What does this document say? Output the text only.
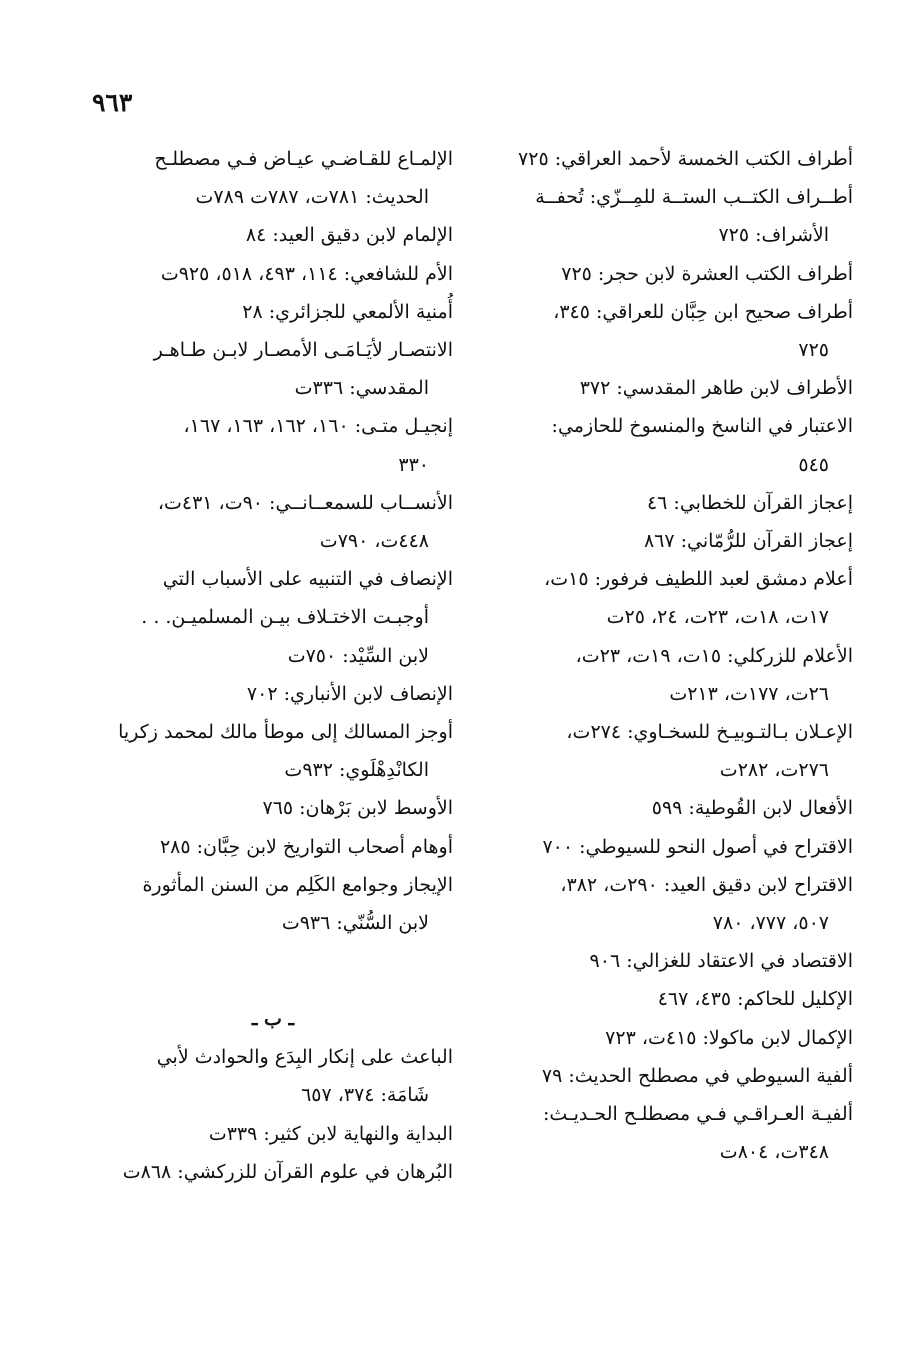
٩٦٣
أطراف الكتب الخمسة لأحمد العراقي: ٧٢٥
أطــراف الكتــب الستــة للمِــزّي: تُحفــة
الأشراف: ٧٢٥
أطراف الكتب العشرة لابن حجر: ٧٢٥
أطراف صحيح ابن حِبَّان للعراقي: ٣٤٥،
٧٢٥
الأطراف لابن طاهر المقدسي: ٣٧٢
الاعتبار في الناسخ والمنسوخ للحازمي:
٥٤٥
إعجاز القرآن للخطابي: ٤٦
إعجاز القرآن للرُّمّاني: ٨٦٧
أعلام دمشق لعبد اللطيف فرفور: ١٥ت،
١٧ت، ١٨ت، ٢٣ت، ٢٤، ٢٥ت
الأعلام للزركلي: ١٥ت، ١٩ت، ٢٣ت،
٢٦ت، ١٧٧ت، ٢١٣ت
الإعـلان بـالتـوبيـخ للسخـاوي: ٢٧٤ت،
٢٧٦ت، ٢٨٢ت
الأفعال لابن القُوطية: ٥٩٩
الاقتراح في أصول النحو للسيوطي: ٧٠٠
الاقتراح لابن دقيق العيد: ٢٩٠ت، ٣٨٢،
٥٠٧، ٧٧٧، ٧٨٠
الاقتصاد في الاعتقاد للغزالي: ٩٠٦
الإكليل للحاكم: ٤٣٥، ٤٦٧
الإكمال لابن ماكولا: ٤١٥ت، ٧٢٣
ألفية السيوطي في مصطلح الحديث: ٧٩
ألفيـة العـراقـي فـي مصطلـح الحـديـث:
٣٤٨ت، ٨٠٤ت
الإلمـاع للقـاضـي عيـاض فـي مصطلـح
الحديث: ٧٨١ت، ٧٨٧ت ٧٨٩ت
الإلمام لابن دقيق العيد: ٨٤
الأم للشافعي: ١١٤، ٤٩٣، ٥١٨، ٩٢٥ت
أُمنية الألمعي للجزائري: ٢٨
الانتصـار لأيَـامَـى الأمصـار لابـن طـاهـر
المقدسي: ٣٣٦ت
إنجيـل متـى: ١٦٠، ١٦٢، ١٦٣، ١٦٧،
٣٣٠
الأنســاب للسمعــانــي: ٩٠ت، ٤٣١ت،
٤٤٨ت، ٧٩٠ت
الإنصاف في التنبيه على الأسباب التي
أوجبـت الاختـلاف بيـن المسلميـن. . .
لابن السِّيْد: ٧٥٠ت
الإنصاف لابن الأنباري: ٧٠٢
أوجز المسالك إلى موطأ مالك لمحمد زكريا
الكانْدِهْلَوي: ٩٣٢ت
الأوسط لابن بَرْهان: ٧٦٥
أوهام أصحاب التواريخ لابن حِبَّان: ٢٨٥
الإيجاز وجوامع الكَلِم من السنن المأثورة
لابن السُّنّي: ٩٣٦ت
ـ ب ـ
الباعث على إنكار البِدَع والحوادث لأبي
شَامَة: ٣٧٤، ٦٥٧
البداية والنهاية لابن كثير: ٣٣٩ت
البُرهان في علوم القرآن للزركشي: ٨٦٨ت
